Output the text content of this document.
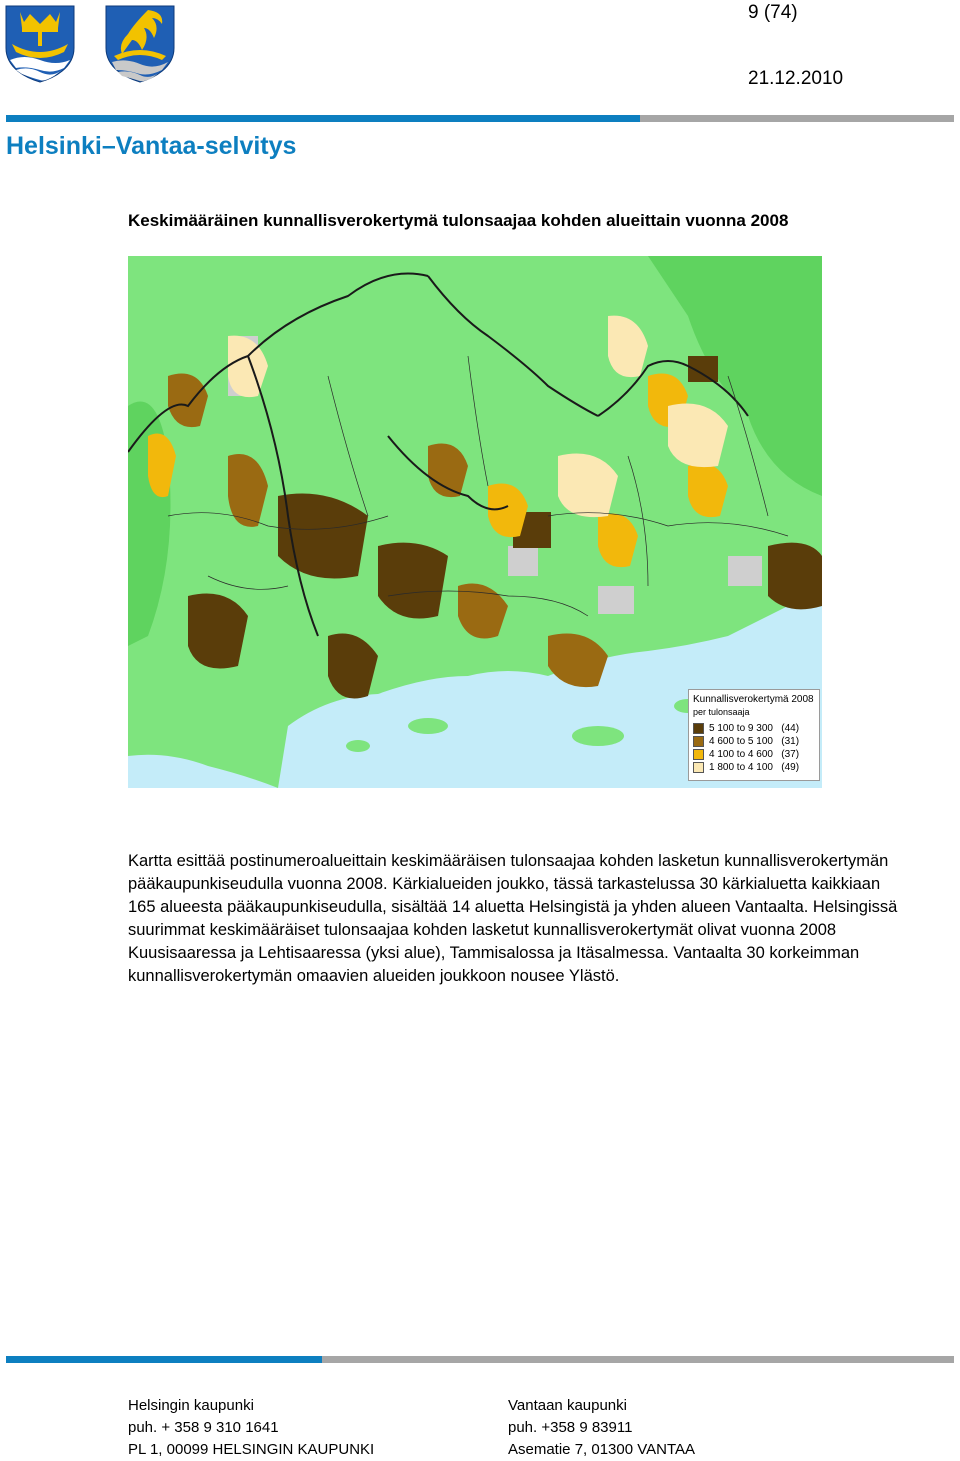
9 (74)
21.12.2010
Helsinki–Vantaa-selvitys
Keskimääräinen kunnallisverokertymä tulonsaajaa kohden alueittain vuonna 2008
Kunnallisverokertymä 2008
per tulonsaaja
5 100 to 9 300   (44)
4 600 to 5 100   (31)
4 100 to 4 600   (37)
1 800 to 4 100   (49)

Kartta esittää postinumeroalueittain keskimääräisen tulonsaajaa kohden lasketun kunnallisverokertymän pääkaupunkiseudulla vuonna 2008. Kärkialueiden joukko, tässä tarkastelussa 30 kärkialuetta kaikkiaan 165 alueesta pääkaupunkiseudulla, sisältää 14 aluetta Helsingistä ja yhden alueen Vantaalta. Helsingissä suurimmat keskimääräiset tulonsaajaa kohden lasketut kunnallisverokertymät olivat vuonna 2008 Kuusisaaressa ja Lehtisaaressa (yksi alue), Tammisalossa ja Itäsalmessa. Vantaalta 30 korkeimman kunnallisverokertymän omaavien alueiden joukkoon nousee Ylästö.

Helsingin kaupunki
puh. + 358 9 310 1641
PL 1, 00099 HELSINGIN KAUPUNKI
Vantaan kaupunki
puh. +358 9 83911
Asematie 7, 01300 VANTAA
